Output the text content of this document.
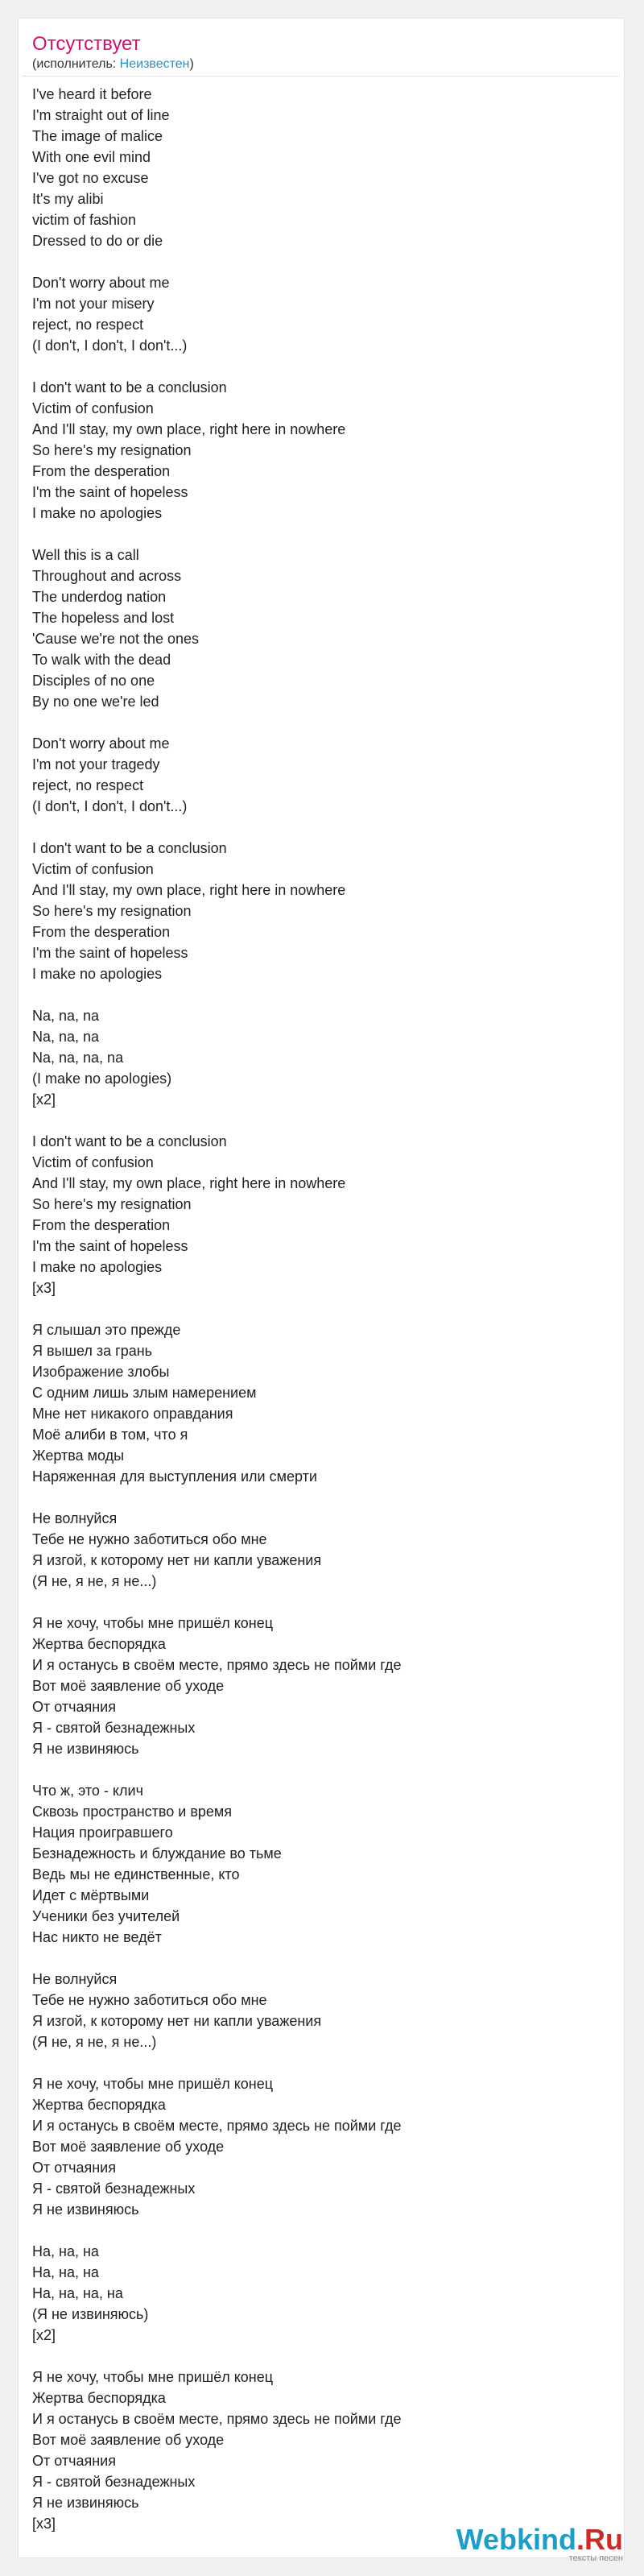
Отсутствует
(исполнитель: Неизвестен)
I've heard it before
I'm straight out of line
The image of malice
With one evil mind
I've got no excuse
It's my alibi
victim of fashion
Dressed to do or die
Don't worry about me
I'm not your misery
reject, no respect
(I don't, I don't, I don't...)
I don't want to be a conclusion
Victim of confusion
And I'll stay, my own place, right here in nowhere
So here's my resignation
From the desperation
I'm the saint of hopeless
I make no apologies
Well this is a call
Throughout and across
The underdog nation
The hopeless and lost
'Cause we're not the ones
To walk with the dead
Disciples of no one
By no one we're led
Don't worry about me
I'm not your tragedy
reject, no respect
(I don't, I don't, I don't...)
I don't want to be a conclusion
Victim of confusion
And I'll stay, my own place, right here in nowhere
So here's my resignation
From the desperation
I'm the saint of hopeless
I make no apologies
Na, na, na
Na, na, na
Na, na, na, na
(I make no apologies)
[x2]
I don't want to be a conclusion
Victim of confusion
And I'll stay, my own place, right here in nowhere
So here's my resignation
From the desperation
I'm the saint of hopeless
I make no apologies
[x3]
Я слышал это прежде
Я вышел за грань
Изображение злобы
С одним лишь злым намерением
Мне нет никакого оправдания
Моё алиби в том, что я
Жертва моды
Наряженная для выступления или смерти
Не волнуйся
Тебе не нужно заботиться обо мне
Я изгой, к которому нет ни капли уважения
(Я не, я не, я не...)
Я не хочу, чтобы мне пришёл конец
Жертва беспорядка
И я останусь в своём месте, прямо здесь не пойми где
Вот моё заявление об уходе
От отчаяния
Я - святой безнадежных
Я не извиняюсь
Что ж, это - клич
Сквозь пространство и время
Нация проигравшего
Безнадежность и блуждание во тьме
Ведь мы не единственные, кто
Идет с мёртвыми
Ученики без учителей
Нас никто не ведёт
Не волнуйся
Тебе не нужно заботиться обо мне
Я изгой, к которому нет ни капли уважения
(Я не, я не, я не...)
Я не хочу, чтобы мне пришёл конец
Жертва беспорядка
И я останусь в своём месте, прямо здесь не пойми где
Вот моё заявление об уходе
От отчаяния
Я - святой безнадежных
Я не извиняюсь
На, на, на
На, на, на
На, на, на, на
(Я не извиняюсь)
[x2]
Я не хочу, чтобы мне пришёл конец
Жертва беспорядка
И я останусь в своём месте, прямо здесь не пойми где
Вот моё заявление об уходе
От отчаяния
Я - святой безнадежных
Я не извиняюсь
[x3]	Webkind.Ru
тексты песен
